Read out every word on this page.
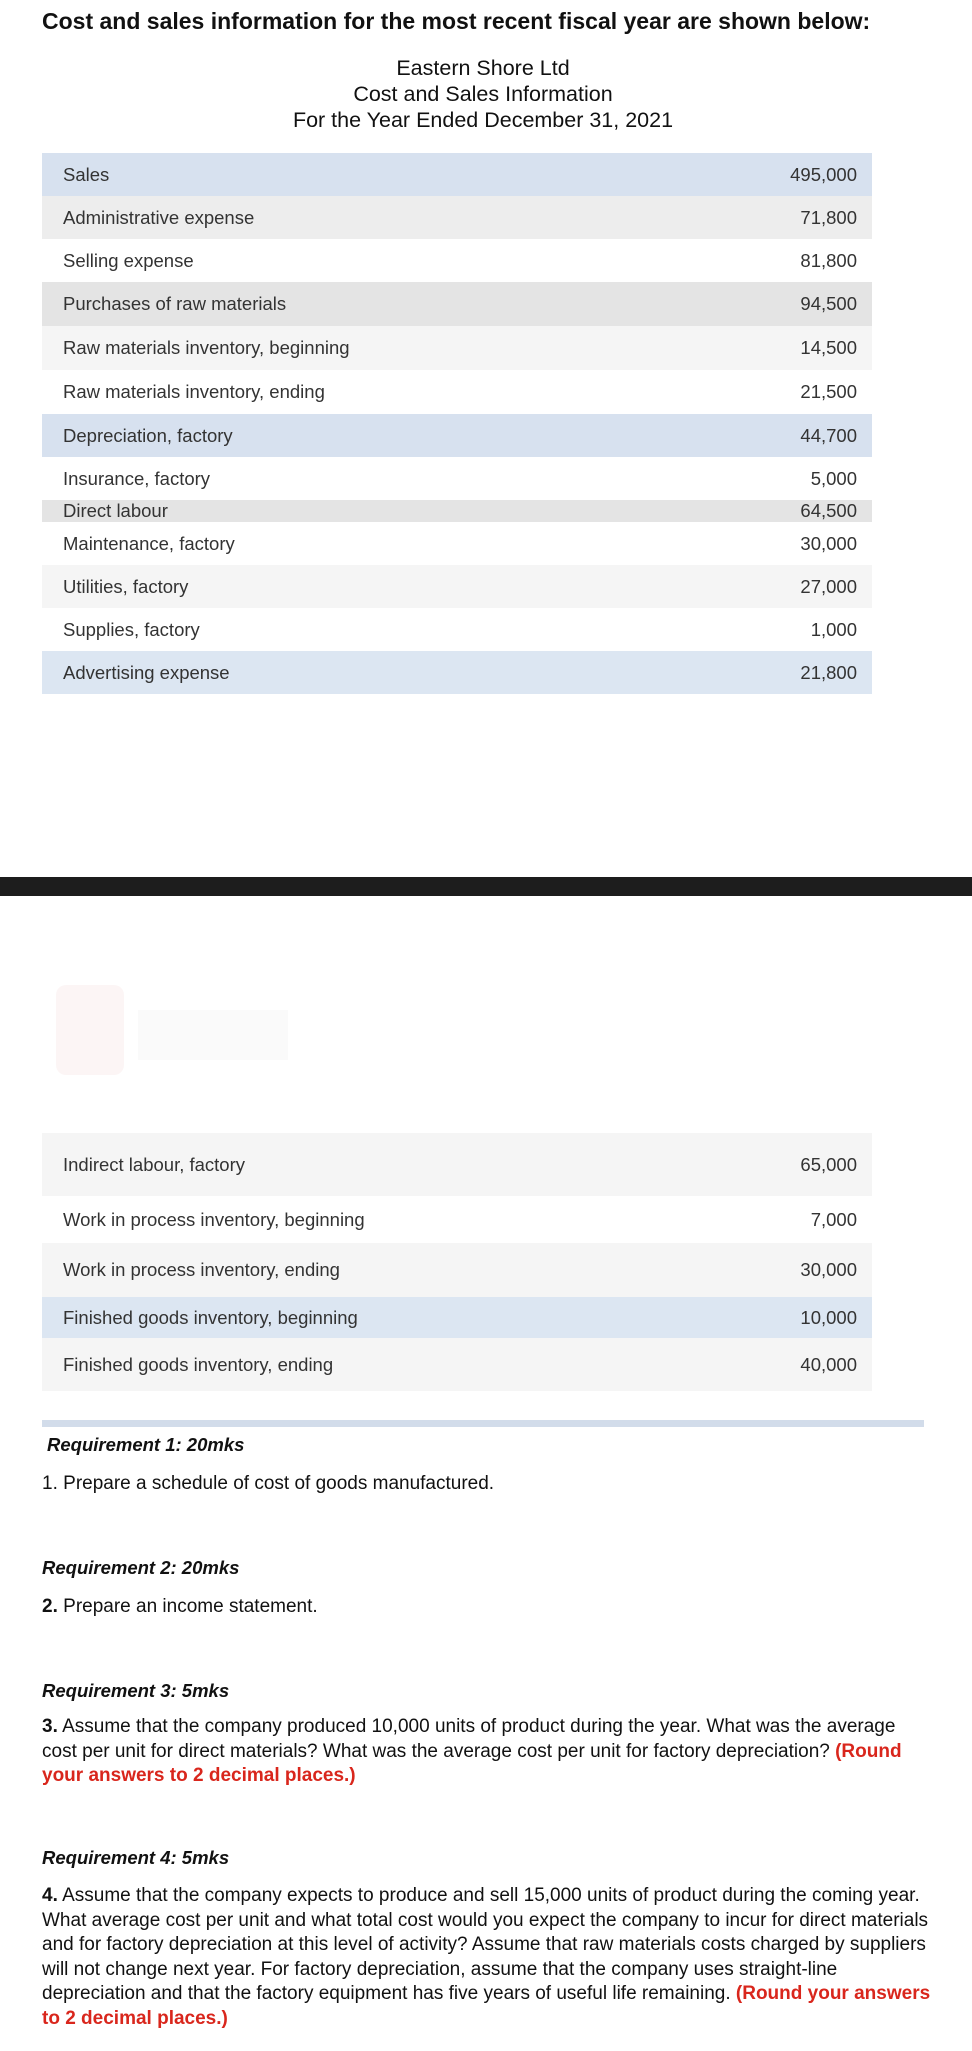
Cost and sales information for the most recent fiscal year are shown below:
Eastern Shore Ltd
Cost and Sales Information
For the Year Ended December 31, 2021
Sales	495,000
Administrative expense	71,800
Selling expense	81,800
Purchases of raw materials	94,500
Raw materials inventory, beginning	14,500
Raw materials inventory, ending	21,500
Depreciation, factory	44,700
Insurance, factory	5,000
Direct labour	64,500
Maintenance, factory	30,000
Utilities, factory	27,000
Supplies, factory	1,000
Advertising expense	21,800
Indirect labour, factory	65,000
Work in process inventory, beginning	7,000
Work in process inventory, ending	30,000
Finished goods inventory, beginning	10,000
Finished goods inventory, ending	40,000
Requirement 1: 20mks
1. Prepare a schedule of cost of goods manufactured.
Requirement 2: 20mks
2. Prepare an income statement.
Requirement 3: 5mks
3. Assume that the company produced 10,000 units of product during the year. What was the average cost per unit for direct materials? What was the average cost per unit for factory depreciation? (Round your answers to 2 decimal places.)
Requirement 4: 5mks
4. Assume that the company expects to produce and sell 15,000 units of product during the coming year. What average cost per unit and what total cost would you expect the company to incur for direct materials and for factory depreciation at this level of activity? Assume that raw materials costs charged by suppliers will not change next year. For factory depreciation, assume that the company uses straight-line depreciation and that the factory equipment has five years of useful life remaining. (Round your answers to 2 decimal places.)
